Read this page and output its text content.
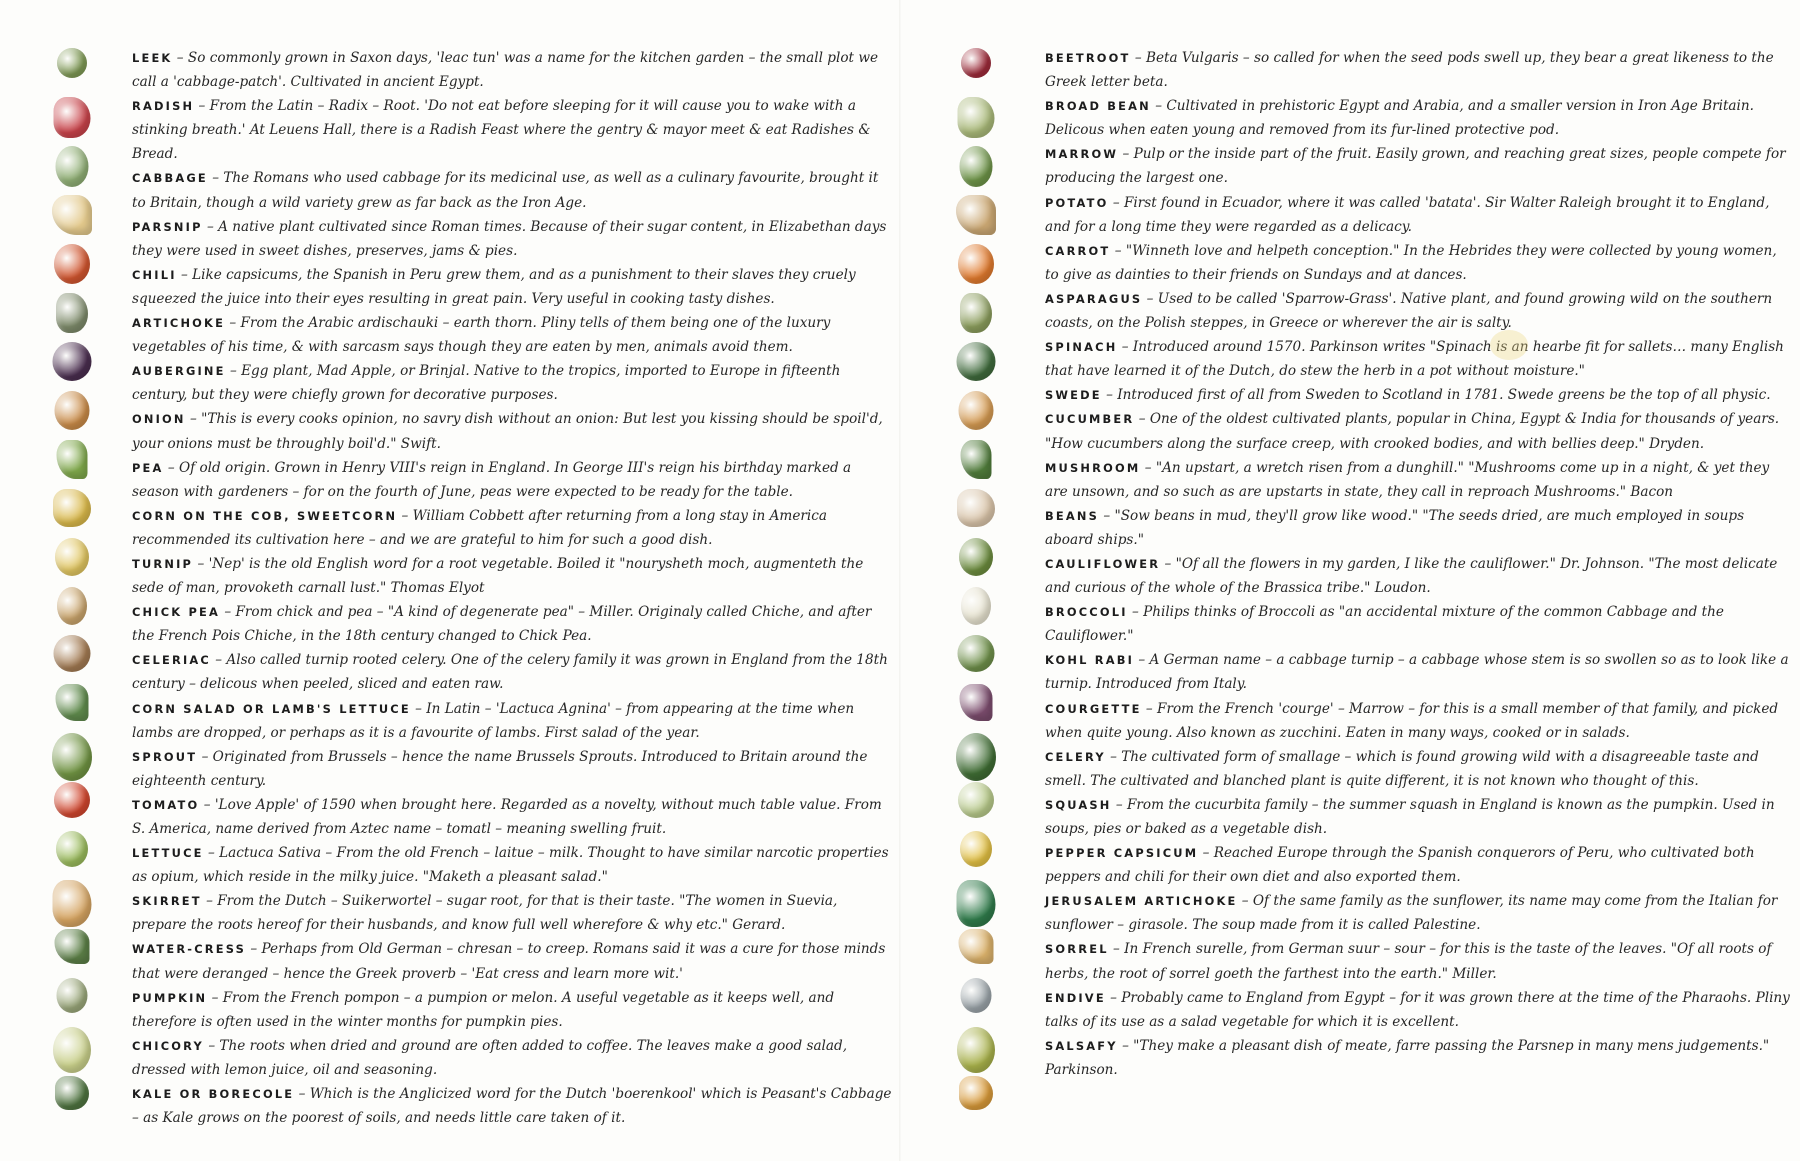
LEEK – So commonly grown in Saxon days, 'leac tun' was a name for the kitchen garden – the small plot we call a 'cabbage-patch'. Cultivated in ancient Egypt.

RADISH – From the Latin – Radix – Root. 'Do not eat before sleeping for it will cause you to wake with a stinking breath.' At Leuens Hall, there is a Radish Feast where the gentry & mayor meet & eat Radishes & Bread.

CABBAGE – The Romans who used cabbage for its medicinal use, as well as a culinary favourite, brought it to Britain, though a wild variety grew as far back as the Iron Age.

PARSNIP – A native plant cultivated since Roman times. Because of their sugar content, in Elizabethan days they were used in sweet dishes, preserves, jams & pies.

CHILI – Like capsicums, the Spanish in Peru grew them, and as a punishment to their slaves they cruely squeezed the juice into their eyes resulting in great pain. Very useful in cooking tasty dishes.

ARTICHOKE – From the Arabic ardischauki – earth thorn. Pliny tells of them being one of the luxury vegetables of his time, & with sarcasm says though they are eaten by men, animals avoid them.

AUBERGINE – Egg plant, Mad Apple, or Brinjal. Native to the tropics, imported to Europe in fifteenth century, but they were chiefly grown for decorative purposes.

ONION – "This is every cooks opinion, no savry dish without an onion: But lest you kissing should be spoil'd, your onions must be throughly boil'd." Swift.

PEA – Of old origin. Grown in Henry VIII's reign in England. In George III's reign his birthday marked a season with gardeners – for on the fourth of June, peas were expected to be ready for the table.

CORN ON THE COB, SWEETCORN – William Cobbett after returning from a long stay in America recommended its cultivation here – and we are grateful to him for such a good dish.

TURNIP – 'Nep' is the old English word for a root vegetable. Boiled it "nourysheth moch, augmenteth the sede of man, provoketh carnall lust." Thomas Elyot

CHICK PEA – From chick and pea – "A kind of degenerate pea" – Miller. Originaly called Chiche, and after the French Pois Chiche, in the 18th century changed to Chick Pea.

CELERIAC – Also called turnip rooted celery. One of the celery family it was grown in England from the 18th century – delicous when peeled, sliced and eaten raw.

CORN SALAD OR LAMB'S LETTUCE – In Latin – 'Lactuca Agnina' – from appearing at the time when lambs are dropped, or perhaps as it is a favourite of lambs. First salad of the year.

SPROUT – Originated from Brussels – hence the name Brussels Sprouts. Introduced to Britain around the eighteenth century.

TOMATO – 'Love Apple' of 1590 when brought here. Regarded as a novelty, without much table value. From S. America, name derived from Aztec name – tomatl – meaning swelling fruit.

LETTUCE – Lactuca Sativa – From the old French – laitue – milk. Thought to have similar narcotic properties as opium, which reside in the milky juice. "Maketh a pleasant salad."

SKIRRET – From the Dutch – Suikerwortel – sugar root, for that is their taste. "The women in Suevia, prepare the roots hereof for their husbands, and know full well wherefore & why etc." Gerard.

WATER-CRESS – Perhaps from Old German – chresan – to creep. Romans said it was a cure for those minds that were deranged – hence the Greek proverb – 'Eat cress and learn more wit.'

PUMPKIN – From the French pompon – a pumpion or melon. A useful vegetable as it keeps well, and therefore is often used in the winter months for pumpkin pies.

CHICORY – The roots when dried and ground are often added to coffee. The leaves make a good salad, dressed with lemon juice, oil and seasoning.

KALE OR BORECOLE – Which is the Anglicized word for the Dutch 'boerenkool' which is Peasant's Cabbage – as Kale grows on the poorest of soils, and needs little care taken of it.

BEETROOT – Beta Vulgaris – so called for when the seed pods swell up, they bear a great likeness to the Greek letter beta.

BROAD BEAN – Cultivated in prehistoric Egypt and Arabia, and a smaller version in Iron Age Britain. Delicous when eaten young and removed from its fur-lined protective pod.

MARROW – Pulp or the inside part of the fruit. Easily grown, and reaching great sizes, people compete for producing the largest one.

POTATO – First found in Ecuador, where it was called 'batata'. Sir Walter Raleigh brought it to England, and for a long time they were regarded as a delicacy.

CARROT – "Winneth love and helpeth conception." In the Hebrides they were collected by young women, to give as dainties to their friends on Sundays and at dances.

ASPARAGUS – Used to be called 'Sparrow-Grass'. Native plant, and found growing wild on the southern coasts, on the Polish steppes, in Greece or wherever the air is salty.

SPINACH – Introduced around 1570. Parkinson writes "Spinach is an hearbe fit for sallets… many English that have learned it of the Dutch, do stew the herb in a pot without moisture."

SWEDE – Introduced first of all from Sweden to Scotland in 1781. Swede greens be the top of all physic.

CUCUMBER – One of the oldest cultivated plants, popular in China, Egypt & India for thousands of years. "How cucumbers along the surface creep, with crooked bodies, and with bellies deep." Dryden.

MUSHROOM – "An upstart, a wretch risen from a dunghill." "Mushrooms come up in a night, & yet they are unsown, and so such as are upstarts in state, they call in reproach Mushrooms." Bacon

BEANS – "Sow beans in mud, they'll grow like wood." "The seeds dried, are much employed in soups aboard ships."

CAULIFLOWER – "Of all the flowers in my garden, I like the cauliflower." Dr. Johnson. "The most delicate and curious of the whole of the Brassica tribe." Loudon.

BROCCOLI – Philips thinks of Broccoli as "an accidental mixture of the common Cabbage and the Cauliflower."

KOHL RABI – A German name – a cabbage turnip – a cabbage whose stem is so swollen so as to look like a turnip. Introduced from Italy.

COURGETTE – From the French 'courge' – Marrow – for this is a small member of that family, and picked when quite young. Also known as zucchini. Eaten in many ways, cooked or in salads.

CELERY – The cultivated form of smallage – which is found growing wild with a disagreeable taste and smell. The cultivated and blanched plant is quite different, it is not known who thought of this.

SQUASH – From the cucurbita family – the summer squash in England is known as the pumpkin. Used in soups, pies or baked as a vegetable dish.

PEPPER CAPSICUM – Reached Europe through the Spanish conquerors of Peru, who cultivated both peppers and chili for their own diet and also exported them.

JERUSALEM ARTICHOKE – Of the same family as the sunflower, its name may come from the Italian for sunflower – girasole. The soup made from it is called Palestine.

SORREL – In French surelle, from German suur – sour – for this is the taste of the leaves. "Of all roots of herbs, the root of sorrel goeth the farthest into the earth." Miller.

ENDIVE – Probably came to England from Egypt – for it was grown there at the time of the Pharaohs. Pliny talks of its use as a salad vegetable for which it is excellent.

SALSAFY – "They make a pleasant dish of meate, farre passing the Parsnep in many mens judgements." Parkinson.
